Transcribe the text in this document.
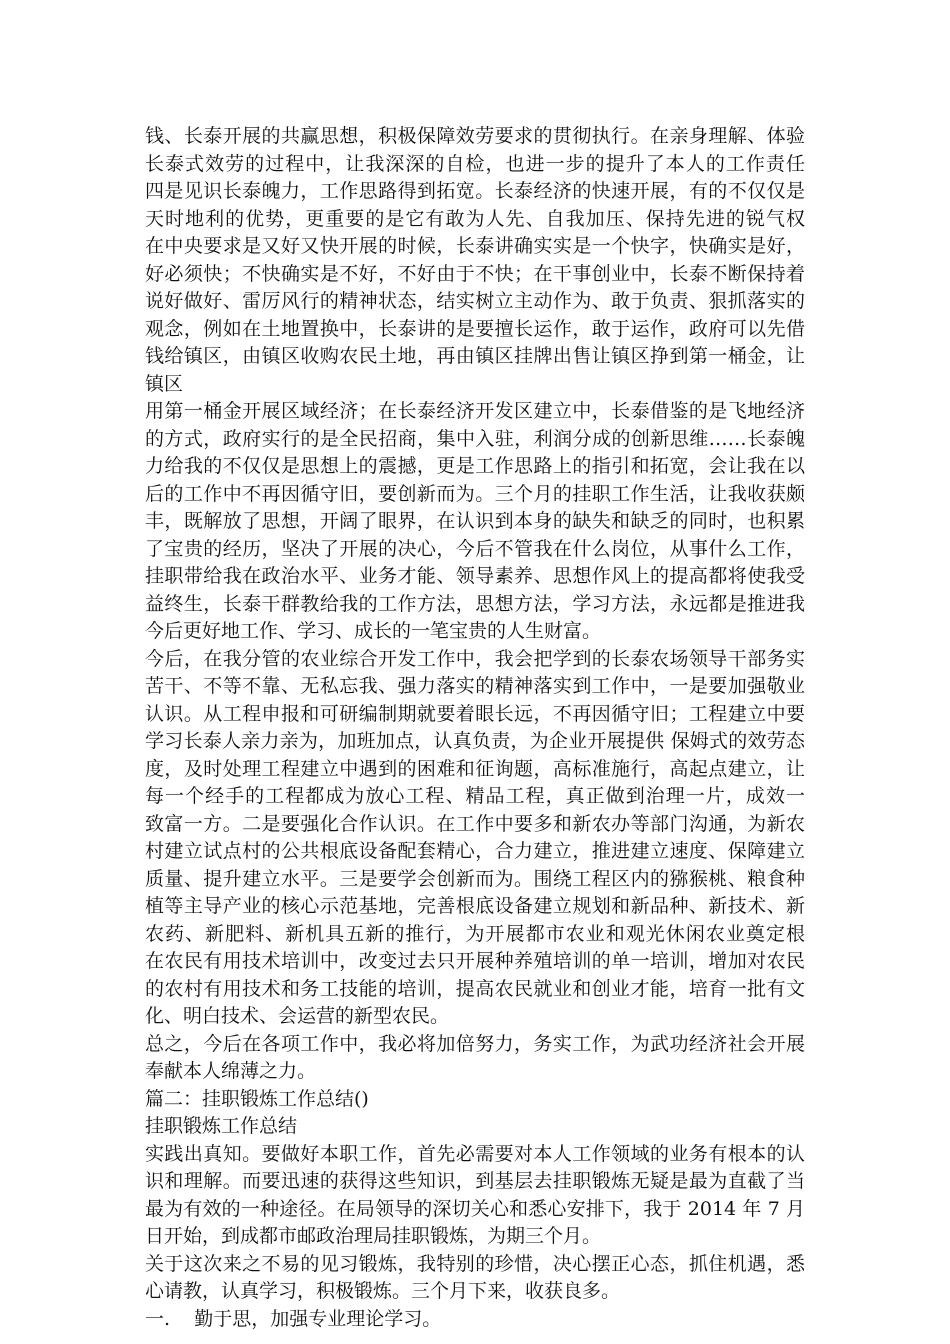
钱、长泰开展的共赢思想，积极保障效劳要求的贯彻执行。在亲身理解、体验
长泰式效劳的过程中，让我深深的自检，也进一步的提升了本人的工作责任
四是见识长泰魄力，工作思路得到拓宽。长泰经济的快速开展，有的不仅仅是
天时地利的优势，更重要的是它有敢为人先、自我加压、保持先进的锐气权
在中央要求是又好又快开展的时候，长泰讲确实实是一个快字，快确实是好，
好必须快；不快确实是不好，不好由于不快；在干事创业中，长泰不断保持着
说好做好、雷厉风行的精神状态，结实树立主动作为、敢于负责、狠抓落实的
观念，例如在土地置换中，长泰讲的是要擅长运作，敢于运作，政府可以先借
钱给镇区，由镇区收购农民土地，再由镇区挂牌出售让镇区挣到第一桶金，让
镇区
用第一桶金开展区域经济；在长泰经济开发区建立中，长泰借鉴的是飞地经济
的方式，政府实行的是全民招商，集中入驻，利润分成的创新思维……长泰魄
力给我的不仅仅是思想上的震撼，更是工作思路上的指引和拓宽，会让我在以
后的工作中不再因循守旧，要创新而为。三个月的挂职工作生活，让我收获颇
丰，既解放了思想，开阔了眼界，在认识到本身的缺失和缺乏的同时，也积累
了宝贵的经历，坚决了开展的决心，今后不管我在什么岗位，从事什么工作，
挂职带给我在政治水平、业务才能、领导素养、思想作风上的提高都将使我受
益终生，长泰干群教给我的工作方法，思想方法，学习方法，永远都是推进我
今后更好地工作、学习、成长的一笔宝贵的人生财富。
今后，在我分管的农业综合开发工作中，我会把学到的长泰农场领导干部务实
苦干、不等不靠、无私忘我、强力落实的精神落实到工作中，一是要加强敬业
认识。从工程申报和可研编制期就要着眼长远，不再因循守旧；工程建立中要
学习长泰人亲力亲为，加班加点，认真负责，为企业开展提供 保姆式的效劳态
度，及时处理工程建立中遇到的困难和征询题，高标准施行，高起点建立，让
每一个经手的工程都成为放心工程、精品工程，真正做到治理一片，成效一
致富一方。二是要强化合作认识。在工作中要多和新农办等部门沟通，为新农
村建立试点村的公共根底设备配套精心，合力建立，推进建立速度、保障建立
质量、提升建立水平。三是要学会创新而为。围绕工程区内的猕猴桃、粮食种
植等主导产业的核心示范基地，完善根底设备建立规划和新品种、新技术、新
农药、新肥料、新机具五新的推行，为开展都市农业和观光休闲农业奠定根
在农民有用技术培训中，改变过去只开展种养殖培训的单一培训，增加对农民
的农村有用技术和务工技能的培训，提高农民就业和创业才能，培育一批有文
化、明白技术、会运营的新型农民。
总之，今后在各项工作中，我必将加倍努力，务实工作，为武功经济社会开展
奉献本人绵薄之力。
篇二：挂职锻炼工作总结()
挂职锻炼工作总结
实践出真知。要做好本职工作，首先必需要对本人工作领域的业务有根本的认
识和理解。而要迅速的获得这些知识，到基层去挂职锻炼无疑是最为直截了当
最为有效的一种途径。在局领导的深切关心和悉心安排下，我于 2014 年 7 月
日开始，到成都市邮政治理局挂职锻炼，为期三个月。
关于这次来之不易的见习锻炼，我特别的珍惜，决心摆正心态，抓住机遇，悉
心请教，认真学习，积极锻炼。三个月下来，收获良多。
一.    勤于思，加强专业理论学习。
